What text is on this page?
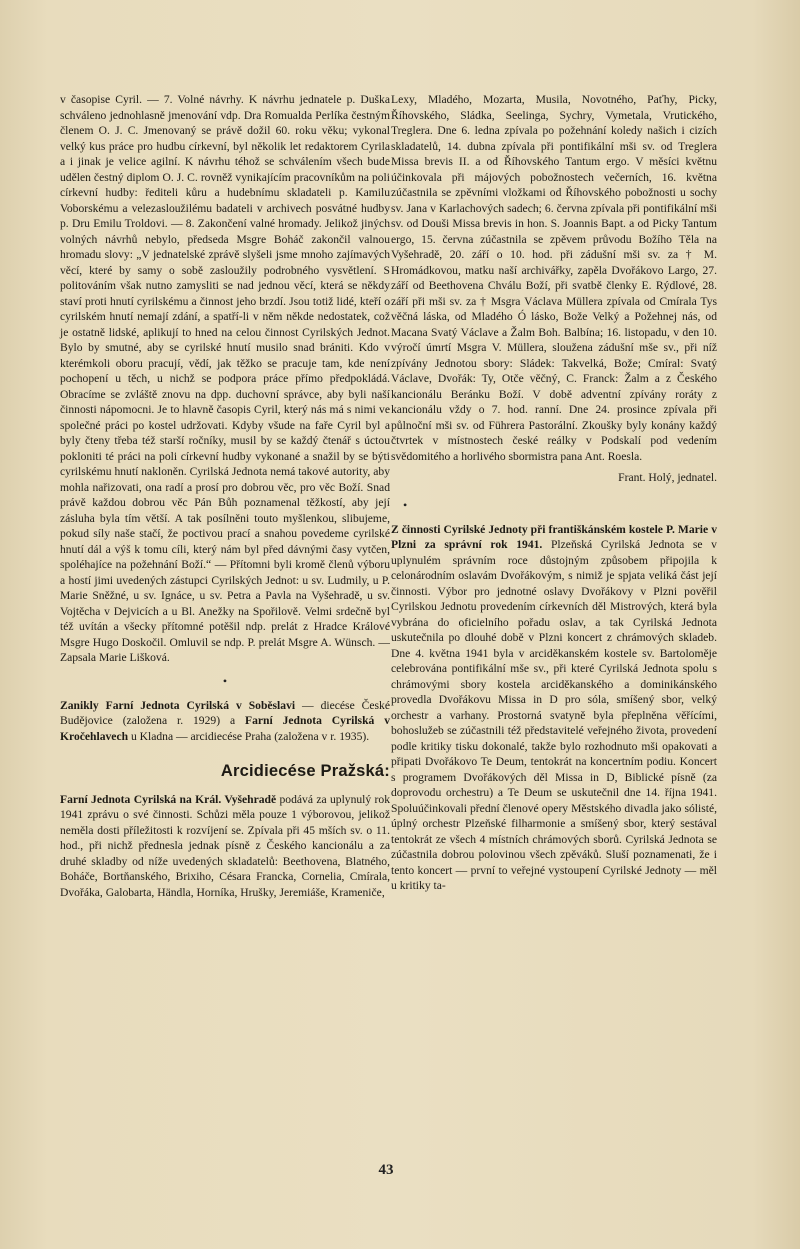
v časopise Cyril. — 7. Volné návrhy. K návrhu jednatele p. Duška schváleno jednohlasně jmenování vdp. Dra Romualda Perlíka čestným členem O. J. C. Jmenovaný se právě dožil 60. roku věku; vykonal velký kus práce pro hudbu církevní, byl několik let redaktorem Cyrila a i jinak je velice agilní. K návrhu téhož se schválením všech bude udělen čestný diplom O. J. C. rovněž vynikajícím pracovníkům na poli církevní hudby: řediteli kůru a hudebnímu skladateli p. Kamilu Voborskému a velezasloužilému badateli v archivech posvátné hudby p. Dru Emilu Troldovi. — 8. Zakončení valné hromady. Jelikož jiných volných návrhů nebylo, předseda Msgre Boháč zakončil valnou hromadu slovy: „V jednatelské zprávě slyšeli jsme mnoho zajímavých věcí, které by samy o sobě zasloužily podrobného vysvětlení. S politováním však nutno zamysliti se nad jednou věcí, která se někdy staví proti hnutí cyrilskému a činnost jeho brzdí. Jsou totiž lidé, kteří o cyrilském hnutí nemají zdání, a spatří-li v něm někde nedostatek, což je ostatně lidské, aplikují to hned na celou činnost Cyrilských Jednot. Bylo by smutné, aby se cyrilské hnutí musilo snad brániti. Kdo v kterémkoli oboru pracují, vědí, jak těžko se pracuje tam, kde není pochopení u těch, u nichž se podpora práce přímo předpokládá. Obracíme se zvláště znovu na dpp. duchovní správce, aby byli naší činnosti nápomocni. Je to hlavně časopis Cyril, který nás má s nimi ve společné práci po kostel udržovati. Kdyby všude na faře Cyril byl a byly čteny třeba též starší ročníky, musil by se každý čtenář s úctou pokloniti té práci na poli církevní hudby vykonané a snažil by se býti cyrilskému hnutí nakloněn. Cyrilská Jednota nemá takové autority, aby mohla nařizovati, ona radí a prosí pro dobrou věc, pro věc Boží. Snad právě každou dobrou věc Pán Bůh poznamenal těžkostí, aby její zásluha byla tím větší. A tak posílněni touto myšlenkou, slibujeme, pokud síly naše stačí, že poctivou prací a snahou povedeme cyrilské hnutí dál a výš k tomu cíli, který nám byl před dávnými časy vytčen, spoléhajíce na požehnání Boží.“ — Přítomni byli kromě členů výboru a hostí jimi uvedených zástupci Cyrilských Jednot: u sv. Ludmily, u P. Marie Sněžné, u sv. Ignáce, u sv. Petra a Pavla na Vyšehradě, u sv. Vojtěcha v Dejvicích a u Bl. Anežky na Spořilově. Velmi srdečně byl též uvítán a všecky přítomné potěšil ndp. prelát z Hradce Králové Msgre Hugo Doskočil. Omluvil se ndp. P. prelát Msgre A. Wünsch. — Zapsala Marie Lišková.

•

Zanikly Farní Jednota Cyrilská v Soběslavi — diecése České Budějovice (založena r. 1929) a Farní Jednota Cyrilská v Kročehlavech u Kladna — arcidiecése Praha (založena v r. 1935).

Arcidiecése Pražská:

Farní Jednota Cyrilská na Král. Vyšehradě podává za uplynulý rok 1941 zprávu o své činnosti. Schůzi měla pouze 1 výborovou, jelikož neměla dosti příležitosti k rozvíjení se. Zpívala při 45 mších sv. o 11. hod., při nichž přednesla jednak písně z Českého kancionálu a za druhé skladby od níže uvedených skladatelů: Beethovena, Blatného, Boháče, Bortňanského, Brixiho, Césara Francka, Cornelia, Cmírala, Dvořáka, Galobarta, Händla, Horníka, Hrušky, Jeremiáše, Krameniče,

Lexy, Mladého, Mozarta, Musila, Novotného, Paťhy, Picky, Říhovského, Sládka, Seelinga, Sychry, Vymetala, Vrutického, Treglera. Dne 6. ledna zpívala po požehnání koledy našich i cizích skladatelů, 14. dubna zpívala při pontifikální mši sv. od Treglera Missa brevis II. a od Říhovského Tantum ergo. V měsíci květnu účinkovala při májových pobožnostech večerních, 16. května zúčastnila se zpěvními vložkami od Říhovského pobožnosti u sochy sv. Jana v Karlachových sadech; 6. června zpívala při pontifikální mši sv. od Douši Missa brevis in hon. S. Joannis Bapt. a od Picky Tantum ergo, 15. června zúčastnila se zpěvem průvodu Božího Těla na Vyšehradě, 20. září o 10. hod. při zádušní mši sv. za † M. Hromádkovou, matku naší archivářky, zapěla Dvořákovo Largo, 27. září od Beethovena Chválu Boží, při svatbě členky E. Rýdlové, 28. září při mši sv. za † Msgra Václava Müllera zpívala od Cmírala Tys věčná láska, od Mladého Ó lásko, Bože Velký a Požehnej nás, od Macana Svatý Václave a Žalm Boh. Balbína; 16. listopadu, v den 10. výročí úmrtí Msgra V. Müllera, sloužena zádušní mše sv., při níž zpívány Jednotou sbory: Sládek: Takvelká, Bože; Cmíral: Svatý Václave, Dvořák: Ty, Otče věčný, C. Franck: Žalm a z Českého kancionálu Beránku Boží. V době adventní zpívány roráty z kancionálu vždy o 7. hod. ranní. Dne 24. prosince zpívala při půlnoční mši sv. od Führera Pastorální. Zkoušky byly konány každý čtvrtek v místnostech české reálky v Podskalí pod vedením svědomitého a horlivého sbormistra pana Ant. Roesla.

Frant. Holý, jednatel.
•

Z činnosti Cyrilské Jednoty při františkánském kostele P. Marie v Plzni za správní rok 1941. Plzeňská Cyrilská Jednota se v uplynulém správním roce důstojným způsobem připojila k celonárodním oslavám Dvořákovým, s nimiž je spjata veliká část její činnosti. Výbor pro jednotné oslavy Dvořákovy v Plzni pověřil Cyrilskou Jednotu provedením církevních děl Mistrových, která byla vybrána do oficielního pořadu oslav, a tak Cyrilská Jednota uskutečnila po dlouhé době v Plzni koncert z chrámových skladeb. Dne 4. května 1941 byla v arciděkanském kostele sv. Bartoloměje celebrována pontifikální mše sv., při které Cyrilská Jednota spolu s chrámovými sbory kostela arciděkanského a dominikánského provedla Dvořákovu Missa in D pro sóla, smíšený sbor, velký orchestr a varhany. Prostorná svatyně byla přeplněna věřícími, bohoslužeb se zúčastnili též představitelé veřejného života, provedení podle kritiky tisku dokonalé, takže bylo rozhodnuto mši opakovati a připati Dvořákovo Te Deum, tentokrát na koncertním podiu. Koncert s programem Dvořákových děl Missa in D, Biblické písně (za doprovodu orchestru) a Te Deum se uskutečnil dne 14. října 1941. Spoluúčinkovali přední členové opery Městského divadla jako sólisté, úplný orchestr Plzeňské filharmonie a smíšený sbor, který sestával tentokrát ze všech 4 místních chrámových sborů. Cyrilská Jednota se zúčastnila dobrou polovinou všech zpěváků. Sluší poznamenati, že i tento koncert — první to veřejné vystoupení Cyrilské Jednoty — měl u kritiky ta-

43
